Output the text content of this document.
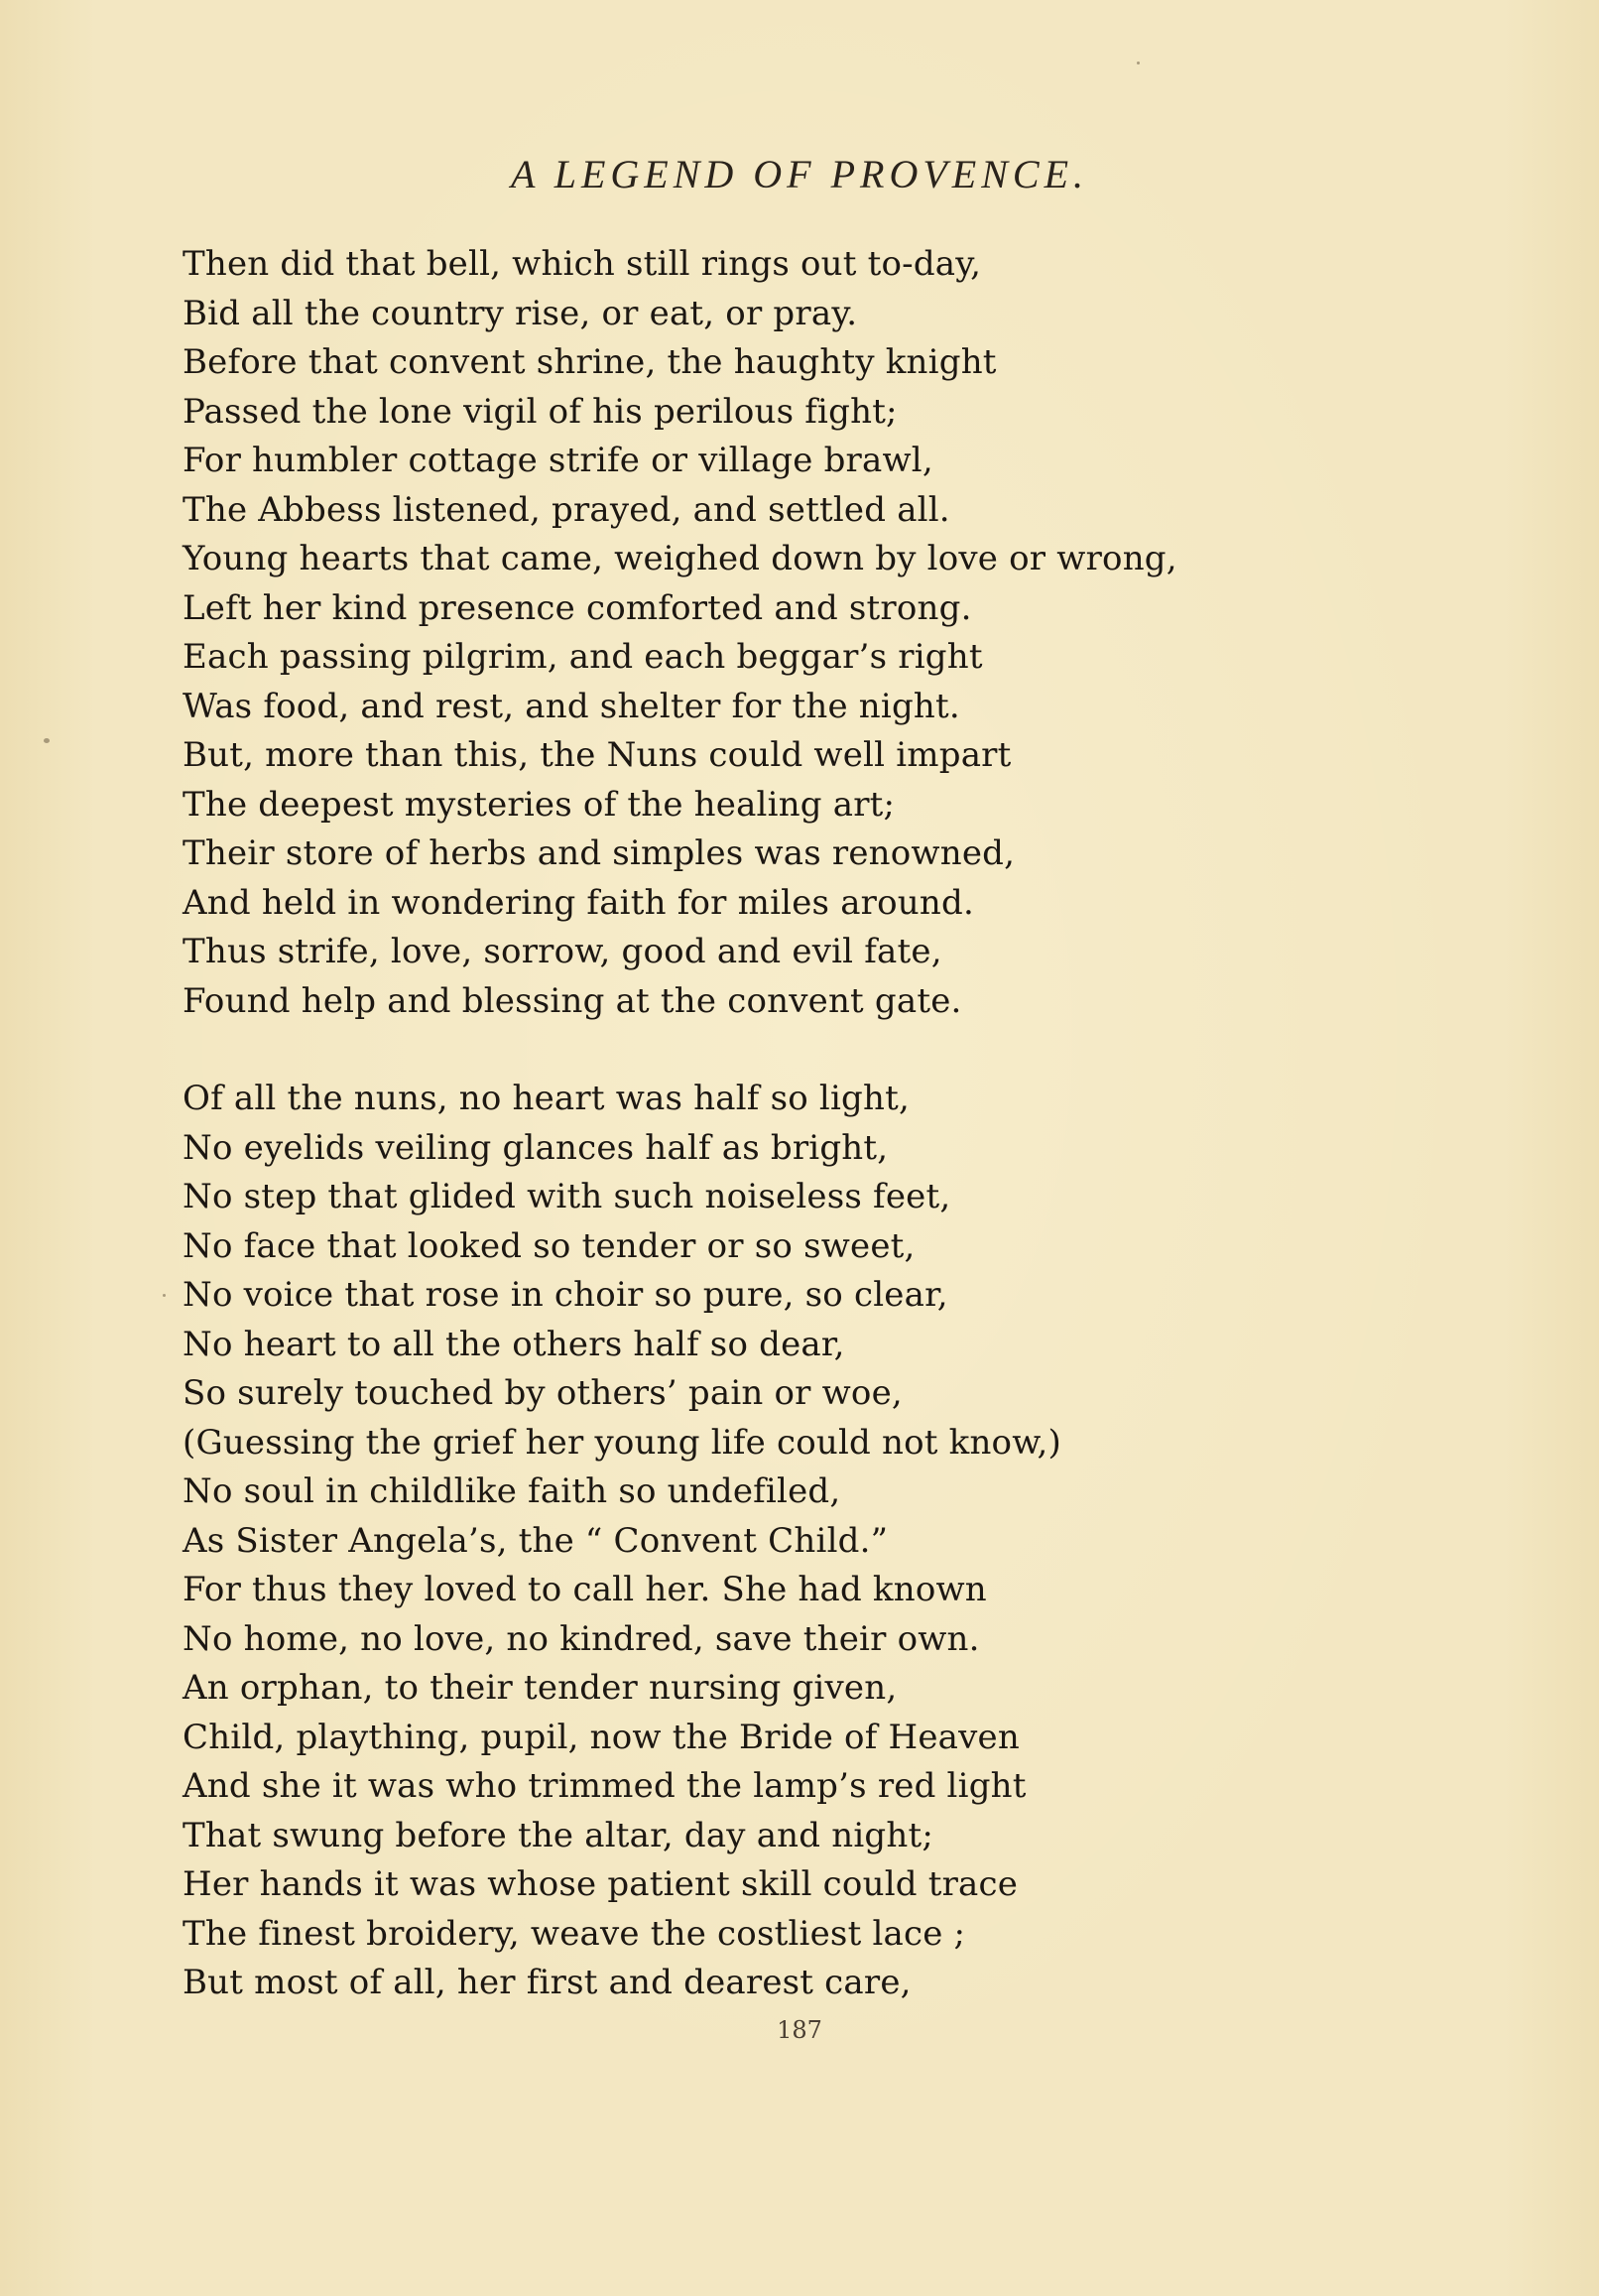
A LEGEND OF PROVENCE.
Then did that bell, which still rings out to-day,
Bid all the country rise, or eat, or pray.
Before that convent shrine, the haughty knight
Passed the lone vigil of his perilous fight;
For humbler cottage strife or village brawl,
The Abbess listened, prayed, and settled all.
Young hearts that came, weighed down by love or wrong,
Left her kind presence comforted and strong.
Each passing pilgrim, and each beggar’s right
Was food, and rest, and shelter for the night.
But, more than this, the Nuns could well impart
The deepest mysteries of the healing art;
Their store of herbs and simples was renowned,
And held in wondering faith for miles around.
Thus strife, love, sorrow, good and evil fate,
Found help and blessing at the convent gate.
Of all the nuns, no heart was half so light,
No eyelids veiling glances half as bright,
No step that glided with such noiseless feet,
No face that looked so tender or so sweet,
No voice that rose in choir so pure, so clear,
No heart to all the others half so dear,
So surely touched by others’ pain or woe,
(Guessing the grief her young life could not know,)
No soul in childlike faith so undefiled,
As Sister Angela’s, the “ Convent Child.”
For thus they loved to call her. She had known
No home, no love, no kindred, save their own.
An orphan, to their tender nursing given,
Child, plaything, pupil, now the Bride of Heaven
And she it was who trimmed the lamp’s red light
That swung before the altar, day and night;
Her hands it was whose patient skill could trace
The finest broidery, weave the costliest lace ;
But most of all, her first and dearest care,
187
